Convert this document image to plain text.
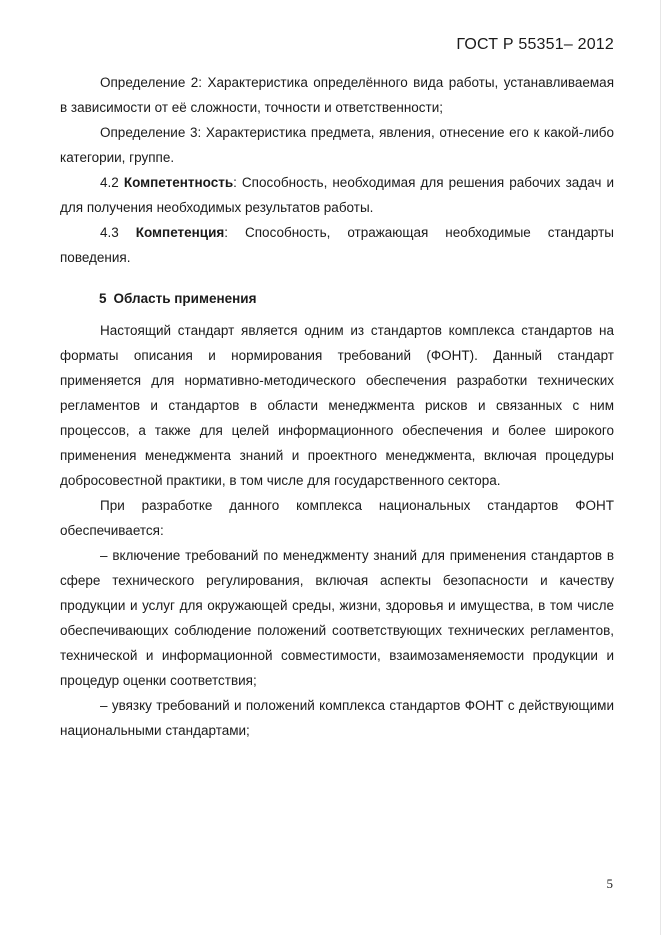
ГОСТ Р 55351– 2012

Определение 2: Характеристика определённого вида работы, устанавливаемая в зависимости от её сложности, точности и ответственности;

Определение 3: Характеристика предмета, явления, отнесение его к какой-либо категории, группе.

4.2 Компетентность: Способность, необходимая для решения рабочих задач и для получения необходимых результатов работы.

4.3 Компетенция: Способность, отражающая необходимые стандарты поведения.

5 Область применения

Настоящий стандарт является одним из стандартов комплекса стандартов на форматы описания и нормирования требований (ФОНТ). Данный стандарт применяется для нормативно-методического обеспечения разработки технических регламентов и стандартов в области менеджмента рисков и связанных с ним процессов, а также для целей информационного обеспечения и более широкого применения менеджмента знаний и проектного менеджмента, включая процедуры добросовестной практики, в том числе для государственного сектора.

При разработке данного комплекса национальных стандартов ФОНТ обеспечивается:

– включение требований по менеджменту знаний для применения стандартов в сфере технического регулирования, включая аспекты безопасности и качеству продукции и услуг для окружающей среды, жизни, здоровья и имущества, в том числе обеспечивающих соблюдение положений соответствующих технических регламентов, технической и информационной совместимости, взаимозаменяемости продукции и процедур оценки соответствия;

– увязку требований и положений комплекса стандартов ФОНТ с действующими национальными стандартами;

5
